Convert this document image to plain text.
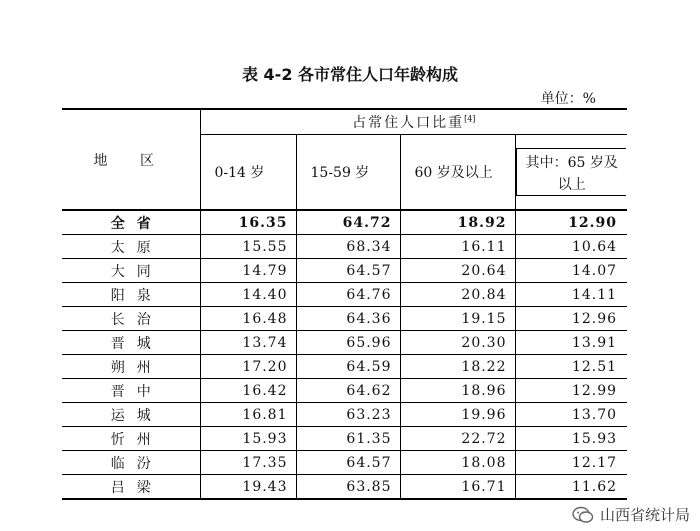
表 4-2 各市常住人口年龄构成
单位：%
地 区	占常住人口比重[4]
	0-14 岁	15-59 岁	60 岁及以上	其中：65 岁及以上
全省	16.35	64.72	18.92	12.90
太原	15.55	68.34	16.11	10.64
大同	14.79	64.57	20.64	14.07
阳泉	14.40	64.76	20.84	14.11
长治	16.48	64.36	19.15	12.96
晋城	13.74	65.96	20.30	13.91
朔州	17.20	64.59	18.22	12.51
晋中	16.42	64.62	18.96	12.99
运城	16.81	63.23	19.96	13.70
忻州	15.93	61.35	22.72	15.93
临汾	17.35	64.57	18.08	12.17
吕梁	19.43	63.85	16.71	11.62
山西省统计局
